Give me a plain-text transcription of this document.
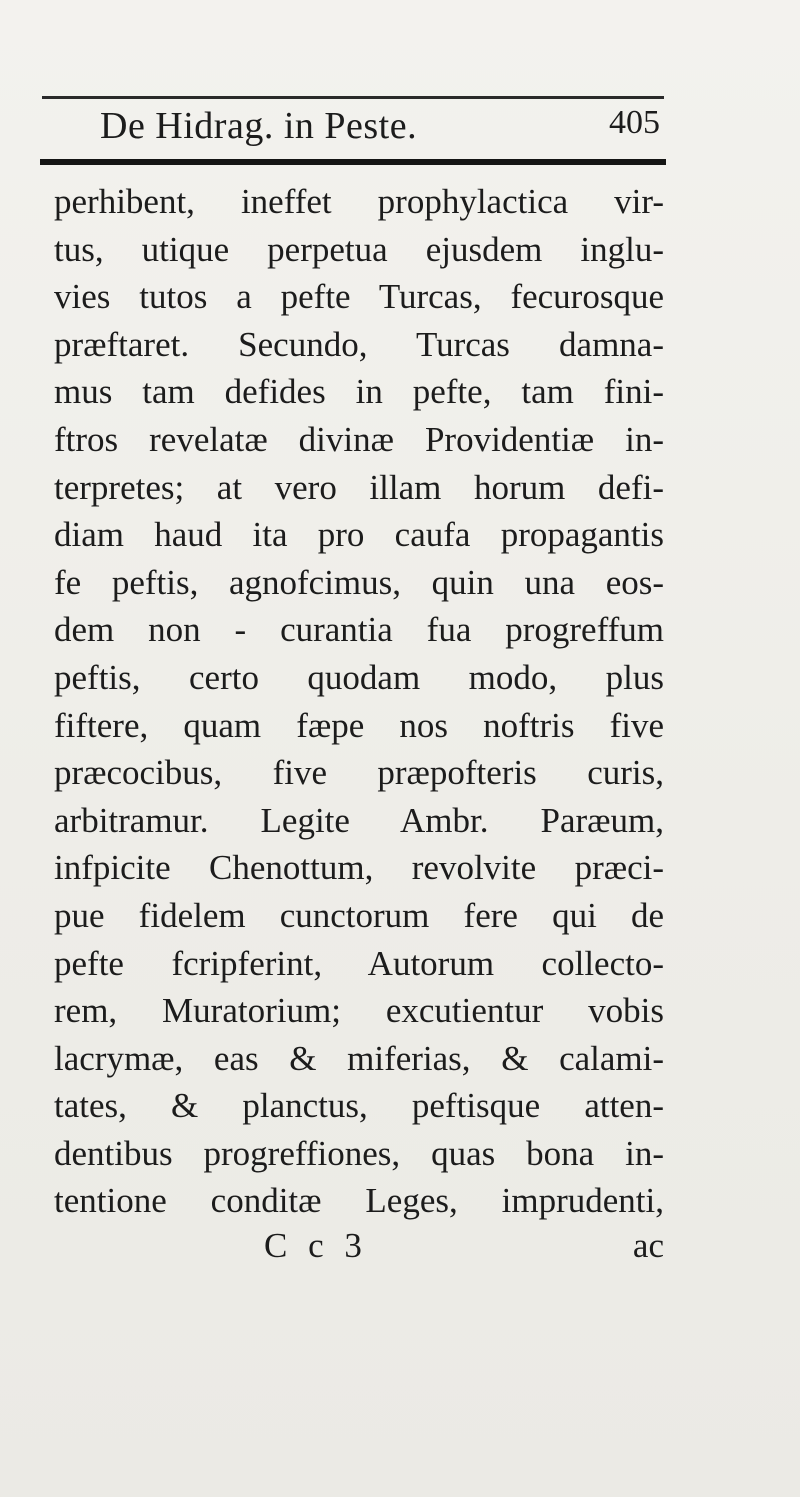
De Hidrag. in Peste.	405
perhibent, ineffet prophylactica vir-
tus, utique perpetua ejusdem inglu-
vies tutos a pefte Turcas, fecurosque
præftaret. Secundo, Turcas damna-
mus tam defides in pefte, tam fini-
ftros revelatæ divinæ Providentiæ in-
terpretes; at vero illam horum defi-
diam haud ita pro caufa propagantis
fe peftis, agnofcimus, quin una eos-
dem non - curantia fua progreffum
peftis, certo quodam modo, plus
fiftere, quam fæpe nos noftris five
præcocibus, five præpofteris curis,
arbitramur. Legite Ambr. Paræum,
infpicite Chenottum, revolvite præci-
pue fidelem cunctorum fere qui de
pefte fcripferint, Autorum collecto-
rem, Muratorium; excutientur vobis
lacrymæ, eas & miferias, & calami-
tates, & planctus, peftisque atten-
dentibus progreffiones, quas bona in-
tentione conditæ Leges, imprudenti,
C c 3	ac
